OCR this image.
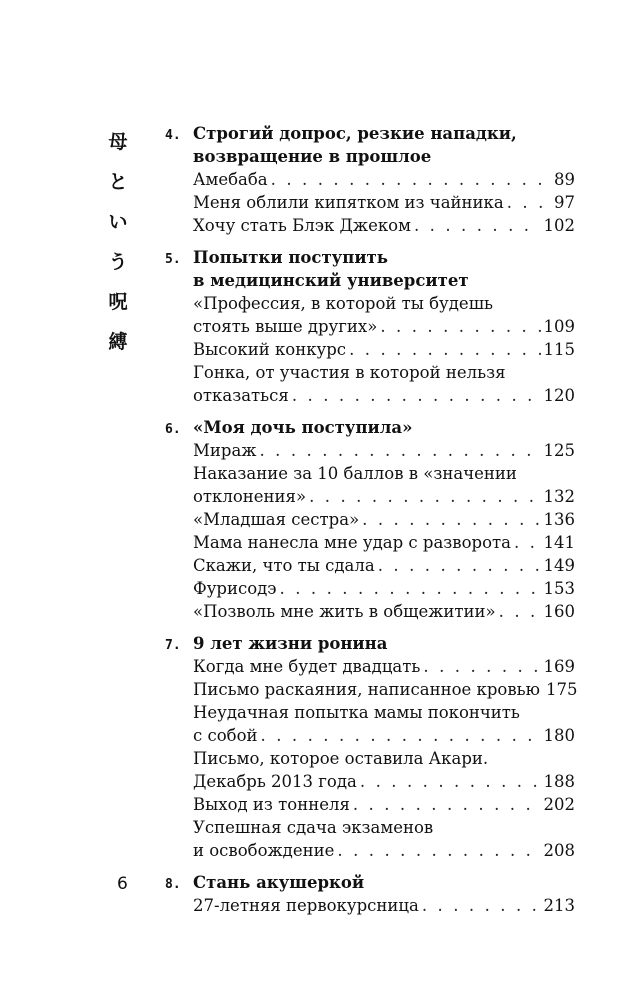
母
と
い
う
呪
縛
4. Строгий допрос, резкие нападки,
возвращение в прошлое
Амебаба . . .	89
Меня облили кипятком из чайника . . .	97
Хочу стать Блэк Джеком . . .	102
5. Попытки поступить
в медицинский университет
«Профессия, в которой ты будешь
стоять выше других» . . .	109
Высокий конкурс . . .	115
Гонка, от участия в которой нельзя
отказаться . . .	120
6. «Моя дочь поступила»
Мираж . . .	125
Наказание за 10 баллов в «значении
отклонения» . . .	132
«Младшая сестра» . . .	136
Мама нанесла мне удар с разворота . . . 141
Скажи, что ты сдала . . .	149
Фурисодэ . . .	153
«Позволь мне жить в общежитии» . . .	160
7. 9 лет жизни ронина
Когда мне будет двадцать . . .	169
Письмо раскаяния, написанное кровью 175
Неудачная попытка мамы покончить
с собой . . .	180
Письмо, которое оставила Акари.
Декабрь 2013 года . . .	188
Выход из тоннеля . . .	202
Успешная сдача экзаменов
и освобождение . . .	208
8. Стань акушеркой
27-летняя первокурсница . . .	213
6
